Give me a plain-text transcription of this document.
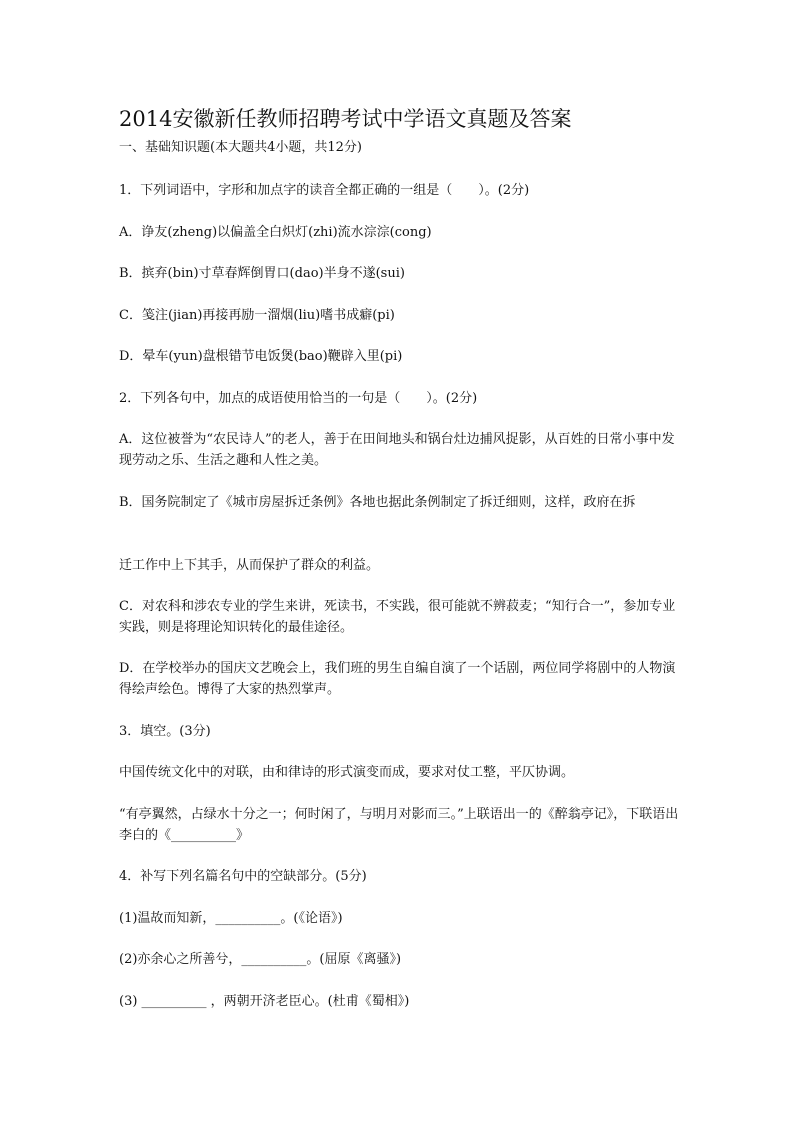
2014安徽新任教师招聘考试中学语文真题及答案

一、基础知识题(本大题共4小题，共12分)

1．下列词语中，字形和加点字的读音全都正确的一组是（　　）。(2分)

A．诤友(zheng)以偏盖全白炽灯(zhi)流水淙淙(cong)

B．摈弃(bin)寸草春辉倒胃口(dao)半身不遂(sui)

C．笺注(jian)再接再励一溜烟(liu)嗜书成癖(pi)

D．晕车(yun)盘根错节电饭煲(bao)鞭辟入里(pi)

2．下列各句中，加点的成语使用恰当的一句是（　　）。(2分)

A．这位被誉为“农民诗人”的老人，善于在田间地头和锅台灶边捕风捉影，从百姓的日常小事中发现劳动之乐、生活之趣和人性之美。

B．国务院制定了《城市房屋拆迁条例》各地也据此条例制定了拆迁细则，这样，政府在拆

迁工作中上下其手，从而保护了群众的利益。

C．对农科和涉农专业的学生来讲，死读书，不实践，很可能就不辨菽麦；“知行合一”，参加专业实践，则是将理论知识转化的最佳途径。

D．在学校举办的国庆文艺晚会上，我们班的男生自编自演了一个话剧，两位同学将剧中的人物演得绘声绘色。博得了大家的热烈掌声。

3．填空。(3分)

中国传统文化中的对联，由和律诗的形式演变而成，要求对仗工整，平仄协调。

“有亭翼然，占绿水十分之一；何时闲了，与明月对影而三。”上联语出一的《醉翁亭记》，下联语出李白的《__________》

4．补写下列名篇名句中的空缺部分。(5分)

(1)温故而知新，__________。(《论语》)

(2)亦余心之所善兮，__________。(屈原《离骚》)

(3) __________ ，两朝开济老臣心。(杜甫《蜀相》)
